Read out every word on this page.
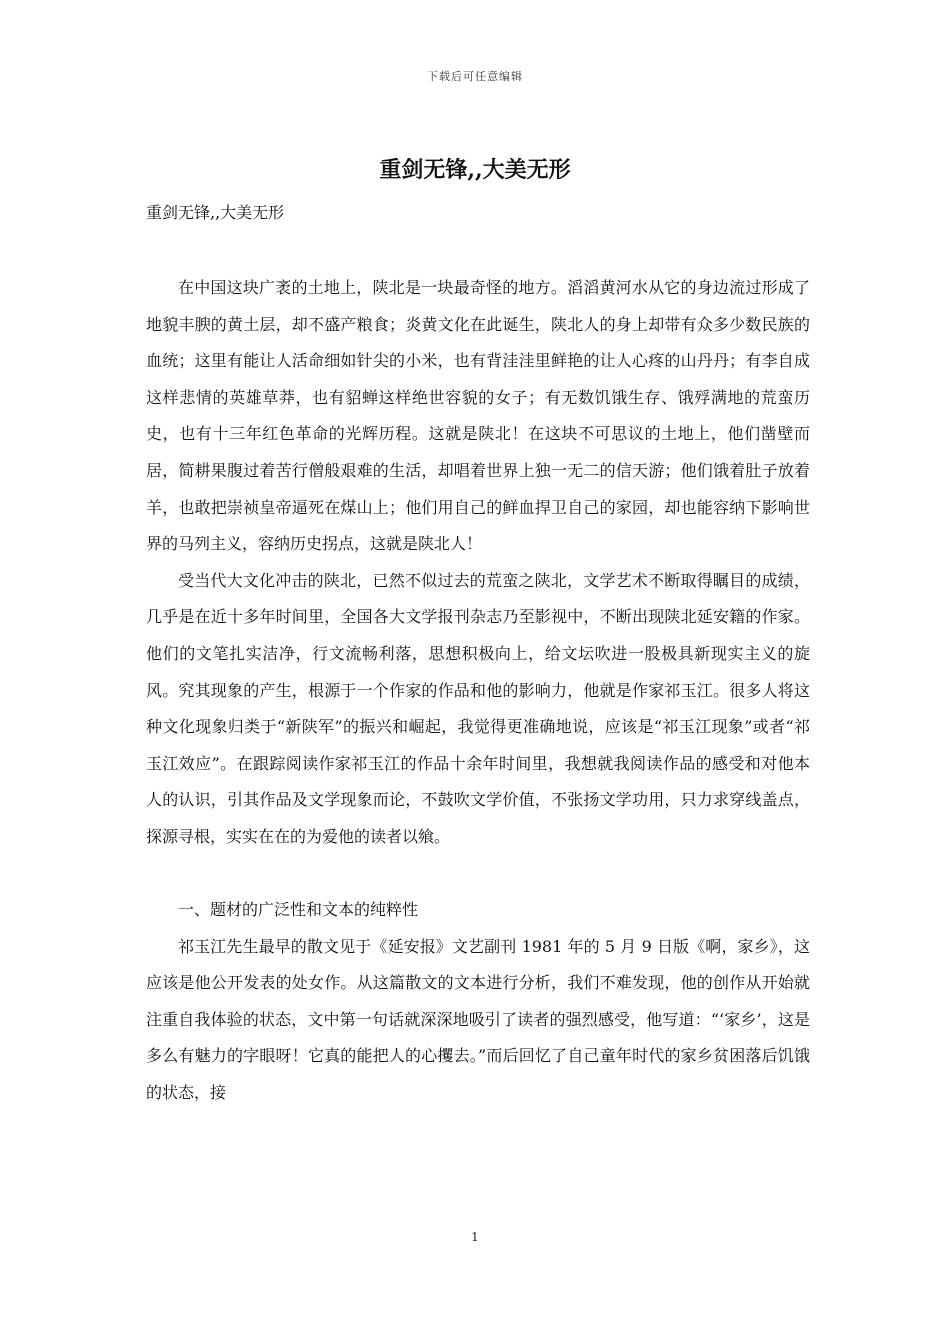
下载后可任意编辑
重剑无锋,,大美无形

重剑无锋,,大美无形

在中国这块广袤的土地上，陕北是一块最奇怪的地方。滔滔黄河水从它的身边流过形成了地貌丰腴的黄土层，却不盛产粮食；炎黄文化在此诞生，陕北人的身上却带有众多少数民族的血统；这里有能让人活命细如针尖的小米，也有背洼洼里鲜艳的让人心疼的山丹丹；有李自成这样悲情的英雄草莽，也有貂蝉这样绝世容貌的女子；有无数饥饿生存、饿殍满地的荒蛮历史，也有十三年红色革命的光辉历程。这就是陕北！在这块不可思议的土地上，他们凿壁而居，简耕果腹过着苦行僧般艰难的生活，却唱着世界上独一无二的信天游；他们饿着肚子放着羊，也敢把崇祯皇帝逼死在煤山上；他们用自己的鲜血捍卫自己的家园，却也能容纳下影响世界的马列主义，容纳历史拐点，这就是陕北人！

受当代大文化冲击的陕北，已然不似过去的荒蛮之陕北，文学艺术不断取得瞩目的成绩，几乎是在近十多年时间里，全国各大文学报刊杂志乃至影视中，不断出现陕北延安籍的作家。他们的文笔扎实洁净，行文流畅利落，思想积极向上，给文坛吹进一股极具新现实主义的旋风。究其现象的产生，根源于一个作家的作品和他的影响力，他就是作家祁玉江。很多人将这种文化现象归类于“新陕军”的振兴和崛起，我觉得更准确地说，应该是“祁玉江现象”或者“祁玉江效应”。在跟踪阅读作家祁玉江的作品十余年时间里，我想就我阅读作品的感受和对他本人的认识，引其作品及文学现象而论，不鼓吹文学价值，不张扬文学功用，只力求穿线盖点，探源寻根，实实在在的为爱他的读者以飨。

一、题材的广泛性和文本的纯粹性

祁玉江先生最早的散文见于《延安报》文艺副刊 1981 年的 5 月 9 日版《啊，家乡》，这应该是他公开发表的处女作。从这篇散文的文本进行分析，我们不难发现，他的创作从开始就注重自我体验的状态，文中第一句话就深深地吸引了读者的强烈感受，他写道：“‘家乡’，这是多么有魅力的字眼呀！它真的能把人的心攫去。”而后回忆了自己童年时代的家乡贫困落后饥饿的状态，接

1
